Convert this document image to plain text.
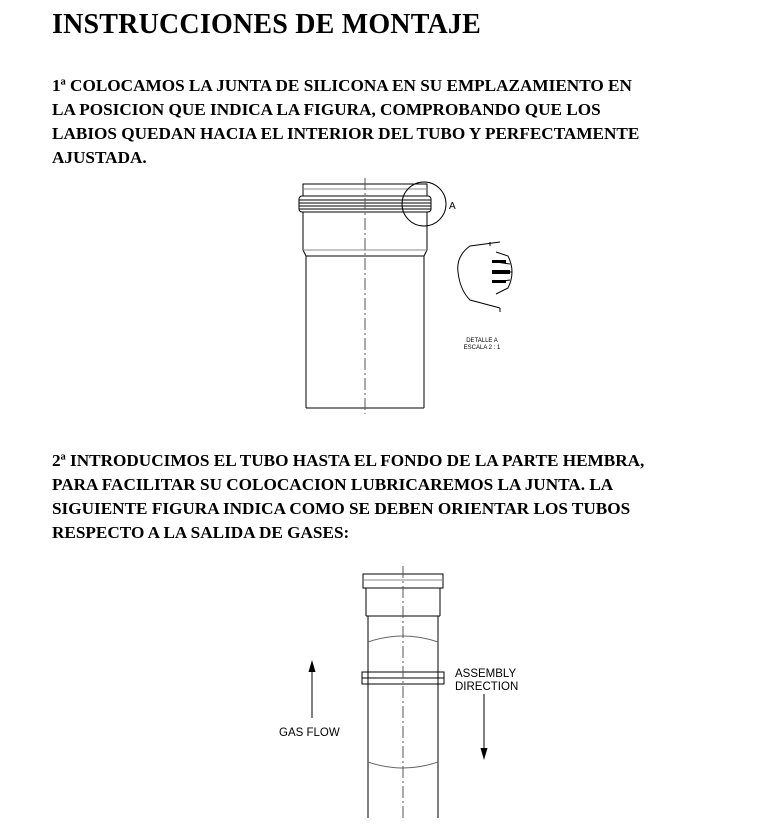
INSTRUCCIONES DE MONTAJE

1ª COLOCAMOS LA JUNTA DE SILICONA EN SU EMPLAZAMIENTO EN
LA POSICION QUE INDICA LA FIGURA, COMPROBANDO QUE LOS
LABIOS QUEDAN HACIA EL INTERIOR DEL TUBO Y PERFECTAMENTE
AJUSTADA.

A
DETALLE A
ESCALA 2 : 1

2ª INTRODUCIMOS EL TUBO HASTA EL FONDO DE LA PARTE HEMBRA,
PARA FACILITAR SU COLOCACION LUBRICAREMOS LA JUNTA. LA
SIGUIENTE FIGURA INDICA COMO SE DEBEN ORIENTAR LOS TUBOS
RESPECTO A LA SALIDA DE GASES:

GAS FLOW
ASSEMBLY
DIRECTION
